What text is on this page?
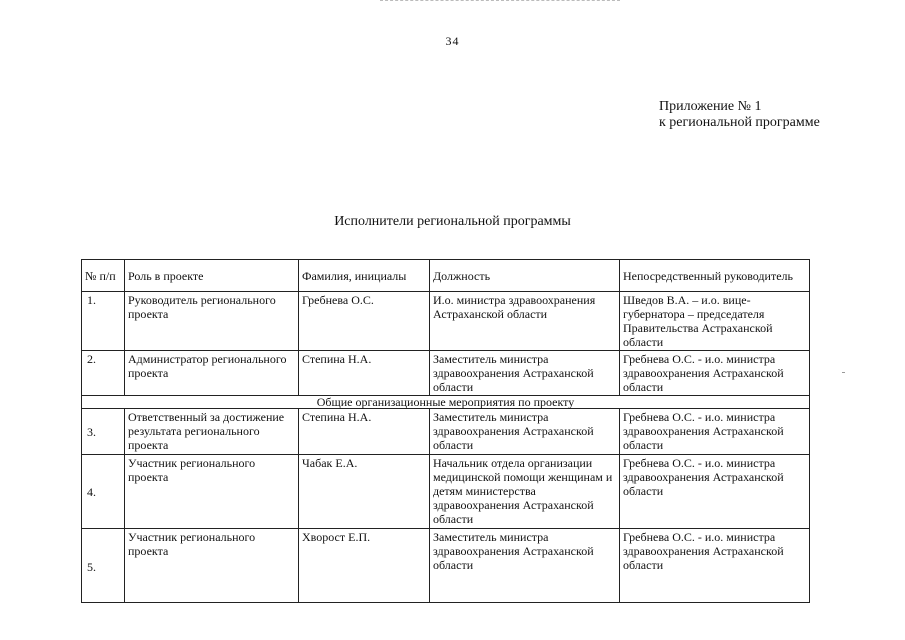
34
Приложение № 1
к региональной программе
Исполнители региональной программы
№ п/п	Роль в проекте	Фамилия, инициалы	Должность	Непосредственный руководитель
1.	Руководитель регионального проекта	Гребнева О.С.	И.о. министра здравоохранения Астраханской области	Шведов В.А. – и.о. вице-губернатора – председателя Правительства Астраханской области
2.	Администратор регионального проекта	Степина Н.А.	Заместитель министра здравоохранения Астраханской области	Гребнева О.С. - и.о. министра здравоохранения Астраханской области
Общие организационные мероприятия по проекту				
3.	Ответственный за достижение результата регионального проекта	Степина Н.А.	Заместитель министра здравоохранения Астраханской области	Гребнева О.С. - и.о. министра здравоохранения Астраханской области
4.	Участник регионального проекта	Чабак Е.А.	Начальник отдела организации медицинской помощи женщинам и детям министерства здравоохранения Астраханской области	Гребнева О.С. - и.о. министра здравоохранения Астраханской области
5.	Участник регионального проекта	Хворост Е.П.	Заместитель министра здравоохранения Астраханской области	Гребнева О.С. - и.о. министра здравоохранения Астраханской области
